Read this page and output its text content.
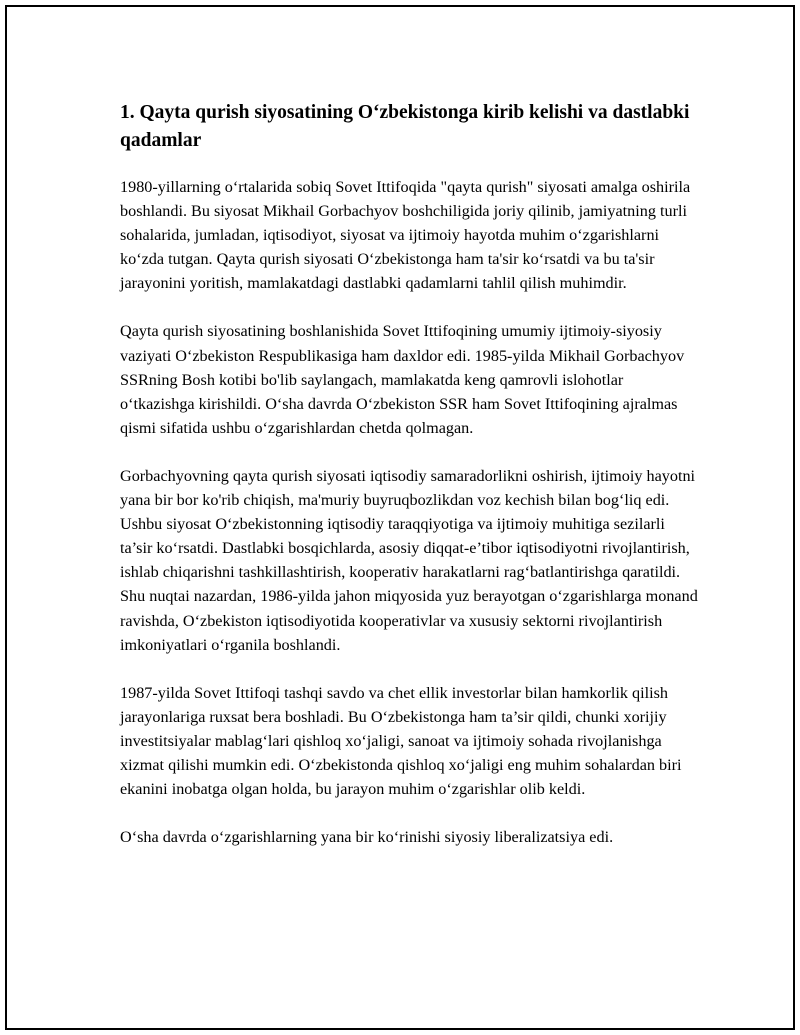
1. Qayta qurish siyosatining O‘zbekistonga kirib kelishi va dastlabki qadamlar

1980-yillarning o‘rtalarida sobiq Sovet Ittifoqida "qayta qurish" siyosati amalga oshirila boshlandi. Bu siyosat Mikhail Gorbachyov boshchiligida joriy qilinib, jamiyatning turli sohalarida, jumladan, iqtisodiyot, siyosat va ijtimoiy hayotda muhim o‘zgarishlarni ko‘zda tutgan. Qayta qurish siyosati O‘zbekistonga ham ta'sir ko‘rsatdi va bu ta'sir jarayonini yoritish, mamlakatdagi dastlabki qadamlarni tahlil qilish muhimdir.

Qayta qurish siyosatining boshlanishida Sovet Ittifoqining umumiy ijtimoiy-siyosiy vaziyati O‘zbekiston Respublikasiga ham daxldor edi. 1985-yilda Mikhail Gorbachyov SSRning Bosh kotibi bo'lib saylangach, mamlakatda keng qamrovli islohotlar o‘tkazishga kirishildi. O‘sha davrda O‘zbekiston SSR ham Sovet Ittifoqining ajralmas qismi sifatida ushbu o‘zgarishlardan chetda qolmagan.

Gorbachyovning qayta qurish siyosati iqtisodiy samaradorlikni oshirish, ijtimoiy hayotni yana bir bor ko'rib chiqish, ma'muriy buyruqbozlikdan voz kechish bilan bog‘liq edi. Ushbu siyosat O‘zbekistonning iqtisodiy taraqqiyotiga va ijtimoiy muhitiga sezilarli ta’sir ko‘rsatdi. Dastlabki bosqichlarda, asosiy diqqat-e’tibor iqtisodiyotni rivojlantirish, ishlab chiqarishni tashkillashtirish, kooperativ harakatlarni rag‘batlantirishga qaratildi. Shu nuqtai nazardan, 1986-yilda jahon miqyosida yuz berayotgan o‘zgarishlarga monand ravishda, O‘zbekiston iqtisodiyotida kooperativlar va xususiy sektorni rivojlantirish imkoniyatlari o‘rganila boshlandi.

1987-yilda Sovet Ittifoqi tashqi savdo va chet ellik investorlar bilan hamkorlik qilish jarayonlariga ruxsat bera boshladi. Bu O‘zbekistonga ham ta’sir qildi, chunki xorijiy investitsiyalar mablag‘lari qishloq xo‘jaligi, sanoat va ijtimoiy sohada rivojlanishga xizmat qilishi mumkin edi. O‘zbekistonda qishloq xo‘jaligi eng muhim sohalardan biri ekanini inobatga olgan holda, bu jarayon muhim o‘zgarishlar olib keldi.

O‘sha davrda o‘zgarishlarning yana bir ko‘rinishi siyosiy liberalizatsiya edi.
